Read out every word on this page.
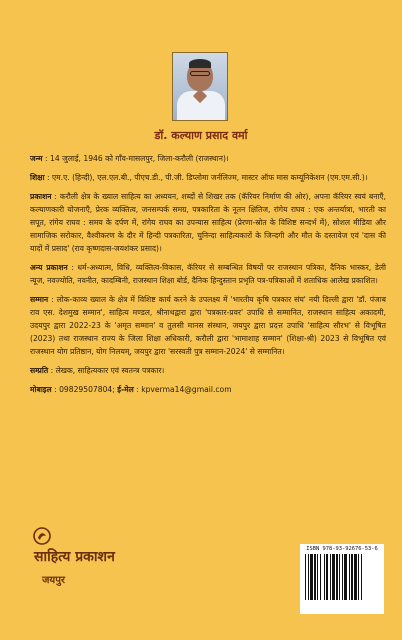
डॉ. कल्याण प्रसाद वर्मा

जन्म : 14 जुलाई, 1946 को गाँव-मासलपुर, जिला-करौली (राजस्थान)।

शिक्षा : एम.ए. (हिन्दी), एल.एल.बी., पीएच.डी., पी.जी. डिप्लोमा जर्नलिज्म, मास्टर ऑफ मास कम्यूनिकेशन (एम.एम.सी.)।

प्रकाशन : करौली क्षेत्र के ख्याल साहित्य का अध्ययन, शब्दों से शिखर तक (कॅरियर निर्माण की ओर), अपना कॅरियर स्वयं बनाएँ, कल्याणकारी योजनाएँ, प्रेरक व्यक्तित्व, जनसम्पर्क समग्र, पत्रकारिता के नूतन क्षितिज, रांगेय राघव : एक अन्तर्यात्रा, भारती का सपूत, रांगेय राघव : समय के दर्पण में, रांगेय राघव का उपन्यास साहित्य (प्रेरणा-स्रोत के विशिष्ट सन्दर्भ में), सोशल मीडिया और सामाजिक सरोकार, वैश्वीकरण के दौर में हिन्दी पत्रकारिता, चुनिन्दा साहित्यकारों के जिन्दगी और मौत के दस्तावेज एवं 'दास की यादों में प्रसाद' (राव कृष्णदास-जयशंकर प्रसाद)।

अन्य प्रकाशन : धर्म-अध्यात्म, विधि, व्यक्तित्व-विकास, कॅरियर से सम्बन्धित विषयों पर राजस्थान पत्रिका, दैनिक भास्कर, डेली न्यूज, नवज्योति, नवनीत, कादम्बिनी, राजस्थान शिक्षा बोर्ड, दैनिक हिन्दुस्तान प्रभृति पत्र-पत्रिकाओं में शताधिक आलेख प्रकाशित।

सम्मान : लोक-काव्य ख्याल के क्षेत्र में विशिष्ट कार्य करने के उपलक्ष्य में 'भारतीय कृषि पत्रकार संघ' नयी दिल्ली द्वारा 'डॉ. पंजाब राव एस. देशमुख सम्मान', साहित्य मण्डल, श्रीनाथद्वारा द्वारा 'पत्रकार-प्रवर' उपाधि से सम्मानित, राजस्थान साहित्य अकादमी, उदयपुर द्वारा 2022-23 के 'अमृत सम्मान' व तुलसी मानस संस्थान, जयपुर द्वारा प्रदत्त उपाधि 'साहित्य सौरभ' से विभूषित (2023) तथा राजस्थान राज्य के जिला शिक्षा अधिकारी, करौली द्वारा 'भामाशाह सम्मान' (शिक्षा-श्री) 2023 से विभूषित एवं राजस्थान योग प्रतिष्ठान, योग निलयम्, जयपुर द्वारा 'सरस्वती पुत्र सम्मान-2024' से सम्मानित।

सम्प्रति : लेखक, साहित्यकार एवं स्वतन्त्र पत्रकार।

मोबाइल : 09829507804; ई-मेल : kpverma14@gmail.com

साहित्य प्रकाशन
जयपुर
ISBN 978-93-92676-53-6
